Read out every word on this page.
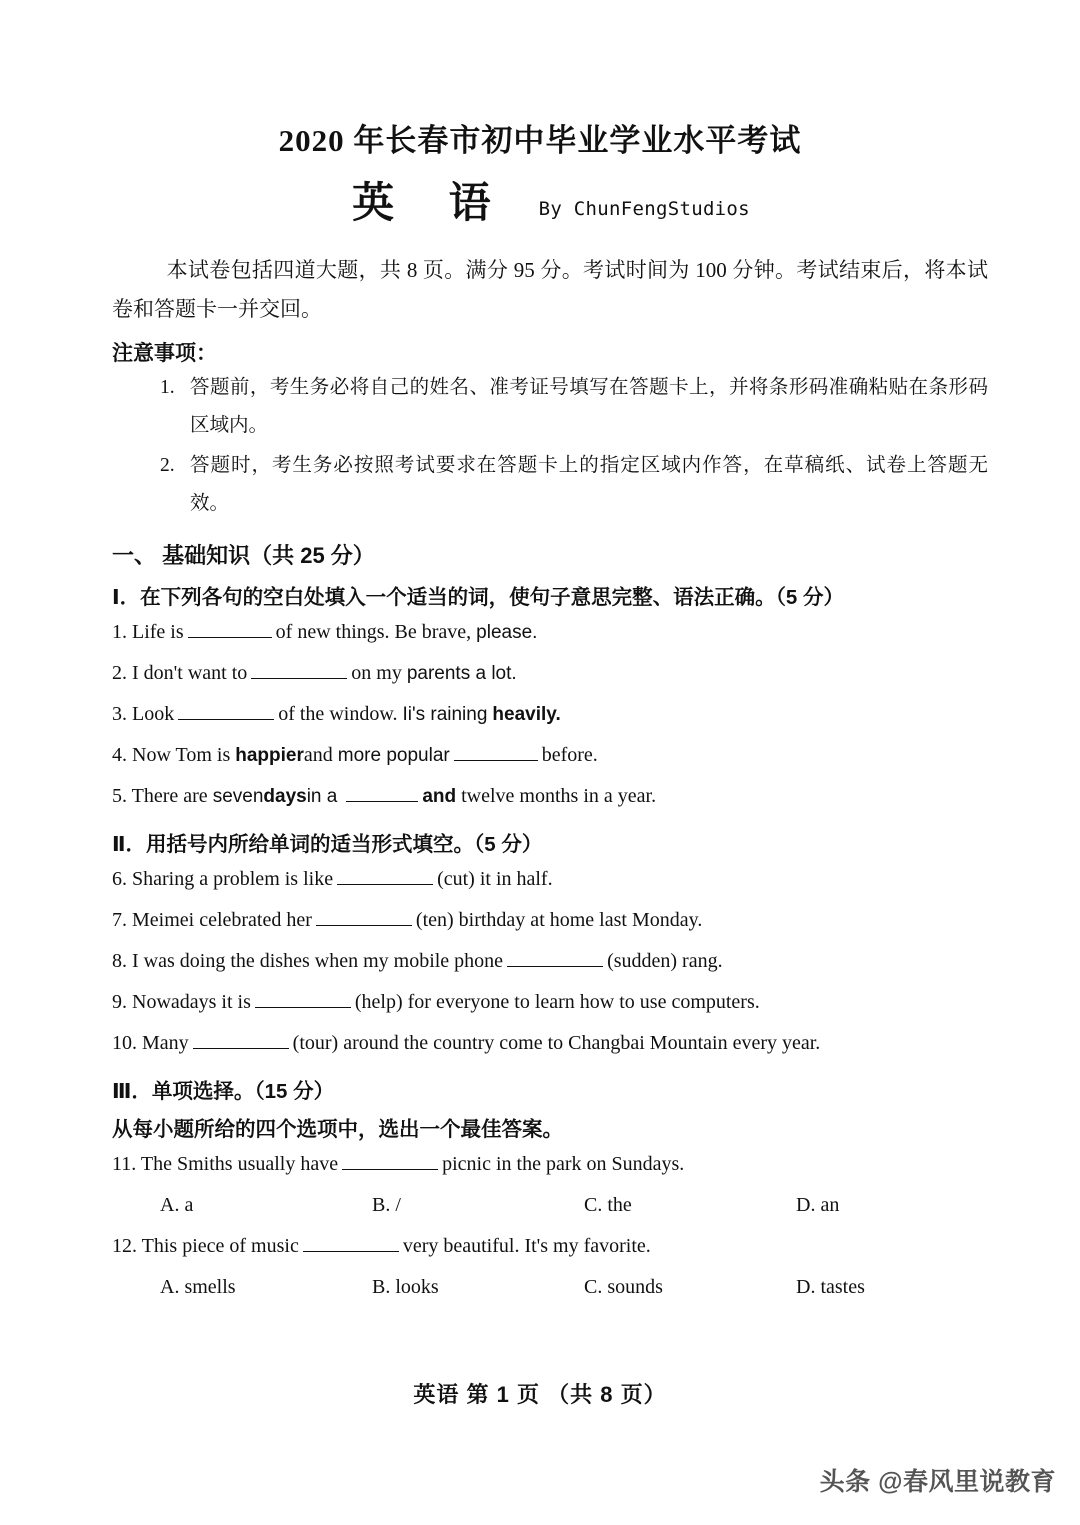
2020 年长春市初中毕业学业水平考试
英 语 By ChunFengStudios

本试卷包括四道大题，共 8 页。满分 95 分。考试时间为 100 分钟。考试结束后，将本试卷和答题卡一并交回。

注意事项：
1. 答题前，考生务必将自己的姓名、准考证号填写在答题卡上，并将条形码准确粘贴在条形码区域内。
2. 答题时，考生务必按照考试要求在答题卡上的指定区域内作答，在草稿纸、试卷上答题无效。
一、 基础知识（共 25 分）
Ⅰ．在下列各句的空白处填入一个适当的词，使句子意思完整、语法正确。（5 分）

1. Life is	of new things. Be brave, please.

2. I don't want to	on my parents a lot.

3. Look	of the window. Ii's raining heavily.

4. Now Tom is happierand more popular	before.

5. There are sevendaysin a	and twelve months in a year.

Ⅱ．用括号内所给单词的适当形式填空。（5 分）

6. Sharing a problem is like	(cut) it in half.

7. Meimei celebrated her	(ten) birthday at home last Monday.

8. I was doing the dishes when my mobile phone	(sudden) rang.

9. Nowadays it is	(help) for everyone to learn how to use computers.

10. Many	(tour) around the country come to Changbai Mountain every year.

Ⅲ．单项选择。（15 分）
从每小题所给的四个选项中，选出一个最佳答案。

11. The Smiths usually have	picnic in the park on Sundays.

A. a	B. /	C. the	D. an

12. This piece of music	very beautiful. It's my favorite.

A. smells	B. looks	C. sounds	D. tastes
英语 第 1 页 （共 8 页）
头条 @春风里说教育
